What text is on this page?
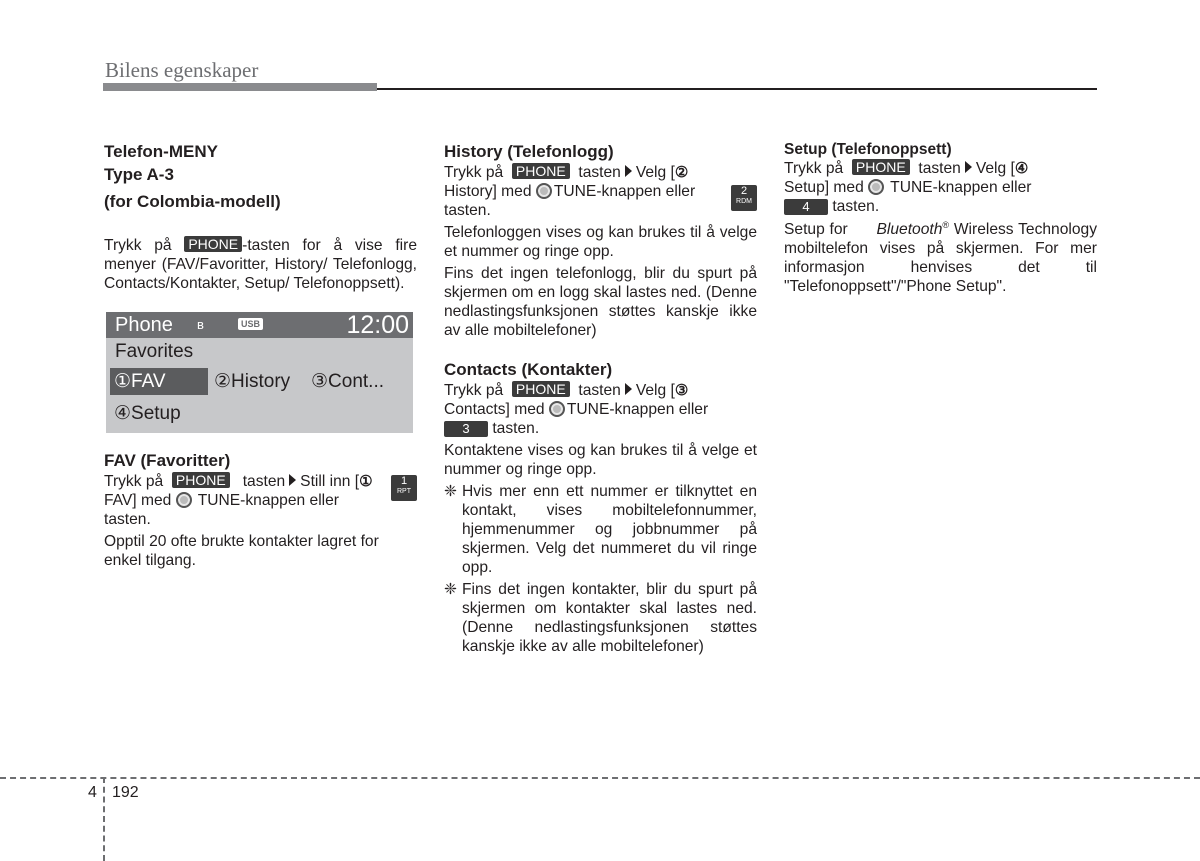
Bilens egenskaper
Telefon-MENY
Type A-3
(for Colombia-modell)

Trykk på PHONE -tasten for å vise fire menyer (FAV/Favoritter, History/ Telefonlogg, Contacts/Kontakter, Setup/ Telefonoppsett).

Phone ʙ	USB	12:00
Favorites
①FAV	②History ③Cont...
④Setup
FAV (Favoritter)
1
RPT

Trykk på PHONE tasten Still inn [①
FAV] med TUNE-knappen eller
tasten.

Opptil 20 ofte brukte kontakter lagret for enkel tilgang.

History (Telefonlogg)

Trykk på PHONE tasten Velg [②

2
RDM

History] med TUNE-knappen eller
tasten.

Telefonloggen vises og kan brukes til å velge et nummer og ringe opp.

Fins det ingen telefonlogg, blir du spurt på skjermen om en logg skal lastes ned. (Denne nedlastingsfunksjonen støttes kanskje ikke av alle mobiltelefoner)

Contacts (Kontakter)

Trykk på PHONE tasten Velg [③
Contacts] med TUNE-knappen eller
3 tasten.

Kontaktene vises og kan brukes til å velge et nummer og ringe opp.

❈ Hvis mer enn ett nummer er tilknyttet en kontakt, vises mobiltelefonnummer, hjemmenummer og jobbnummer på skjermen. Velg det nummeret du vil ringe opp.
❈ Fins det ingen kontakter, blir du spurt på skjermen om kontakter skal lastes ned. (Denne nedlastingsfunksjonen støttes kanskje ikke av alle mobiltelefoner)
Setup (Telefonoppsett)

Trykk på PHONE tasten Velg [④
Setup] med TUNE-knappen eller
4 tasten.

Setup for Bluetooth® Wireless Technology mobiltelefon vises på skjermen. For mer informasjon henvises det til "Telefonoppsett"/"Phone Setup".

4 192
